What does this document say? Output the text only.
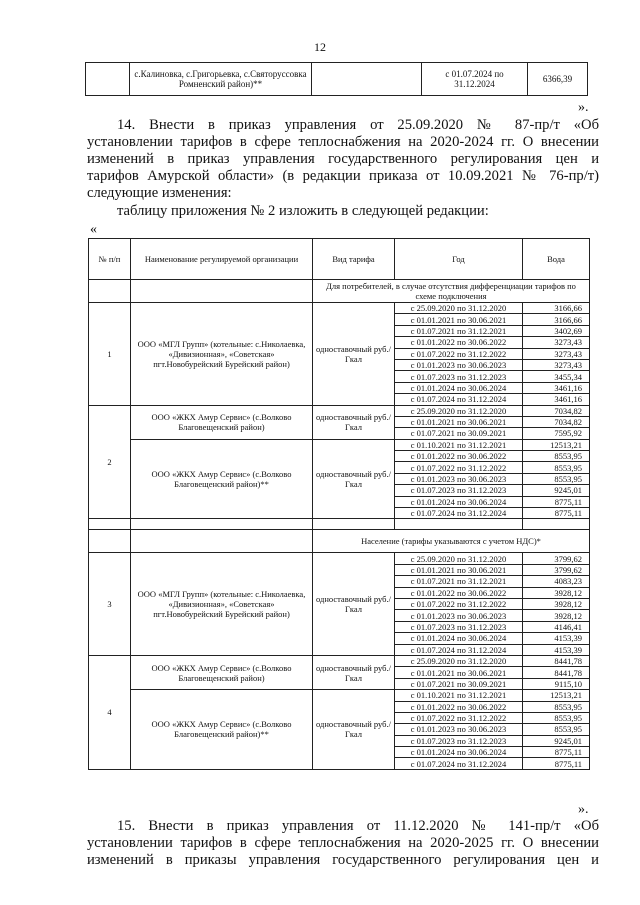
12
	с.Калиновка, с.Григорьевка, с.Святоруссовка Ромненский район)**		с 01.07.2024 по 31.12.2024	6366,39
».
14. Внести в приказ управления от 25.09.2020 № 87-пр/т «Об
установлении тарифов в сфере теплоснабжения на 2020-2024 гг. О внесении
изменений в приказ управления государственного регулирования цен и
тарифов Амурской области» (в редакции приказа от 10.09.2021 № 76-пр/т)
следующие изменения:
таблицу приложения № 2 изложить в следующей редакции:
«
№ п/п	Наименование регулируемой организации	Вид тарифа	Год	Вода
		Для потребителей, в случае отсутствия дифференциации тарифов по схеме подключения		
1	ООО «МГЛ Групп» (котельные: с.Николаевка, «Дивизионная», «Советская» пгт.Новобурейский Бурейский район)	одноставочный руб./Гкал	с 25.09.2020 по 31.12.2020	3166,66
			с 01.01.2021 по 30.06.2021	3166,66
			с 01.07.2021 по 31.12.2021	3402,69
			с 01.01.2022 по 30.06.2022	3273,43
			с 01.07.2022 по 31.12.2022	3273,43
			с 01.01.2023 по 30.06.2023	3273,43
			с 01.07.2023 по 31.12.2023	3455,34
			с 01.01.2024 по 30.06.2024	3461,16
			с 01.07.2024 по 31.12.2024	3461,16
2	ООО «ЖКХ Амур Сервис» (с.Волково Благовещенский район)	одноставочный руб./Гкал	с 25.09.2020 по 31.12.2020	7034,82
			с 01.01.2021 по 30.06.2021	7034,82
			с 01.07.2021 по 30.09.2021	7595,92
	ООО «ЖКХ Амур Сервис» (с.Волково Благовещенский район)**	одноставочный руб./Гкал	с 01.10.2021 по 31.12.2021	12513,21
			с 01.01.2022 по 30.06.2022	8553,95
			с 01.07.2022 по 31.12.2022	8553,95
			с 01.01.2023 по 30.06.2023	8553,95
			с 01.07.2023 по 31.12.2023	9245,01
			с 01.01.2024 по 30.06.2024	8775,11
			с 01.07.2024 по 31.12.2024	8775,11

		Население (тарифы указываются с учетом НДС)*		
3	ООО «МГЛ Групп» (котельные: с.Николаевка, «Дивизионная», «Советская» пгт.Новобурейский Бурейский район)	одноставочный руб./Гкал	с 25.09.2020 по 31.12.2020	3799,62
			с 01.01.2021 по 30.06.2021	3799,62
			с 01.07.2021 по 31.12.2021	4083,23
			с 01.01.2022 по 30.06.2022	3928,12
			с 01.07.2022 по 31.12.2022	3928,12
			с 01.01.2023 по 30.06.2023	3928,12
			с 01.07.2023 по 31.12.2023	4146,41
			с 01.01.2024 по 30.06.2024	4153,39
			с 01.07.2024 по 31.12.2024	4153,39
4	ООО «ЖКХ Амур Сервис» (с.Волково Благовещенский район)	одноставочный руб./Гкал	с 25.09.2020 по 31.12.2020	8441,78
			с 01.01.2021 по 30.06.2021	8441,78
			с 01.07.2021 по 30.09.2021	9115,10
	ООО «ЖКХ Амур Сервис» (с.Волково Благовещенский район)**	одноставочный руб./Гкал	с 01.10.2021 по 31.12.2021	12513,21
			с 01.01.2022 по 30.06.2022	8553,95
			с 01.07.2022 по 31.12.2022	8553,95
			с 01.01.2023 по 30.06.2023	8553,95
			с 01.07.2023 по 31.12.2023	9245,01
			с 01.01.2024 по 30.06.2024	8775,11
			с 01.07.2024 по 31.12.2024	8775,11
».
15. Внести в приказ управления от 11.12.2020 № 141-пр/т «Об
установлении тарифов в сфере теплоснабжения на 2020-2025 гг. О внесении
изменений в приказы управления государственного регулирования цен и
